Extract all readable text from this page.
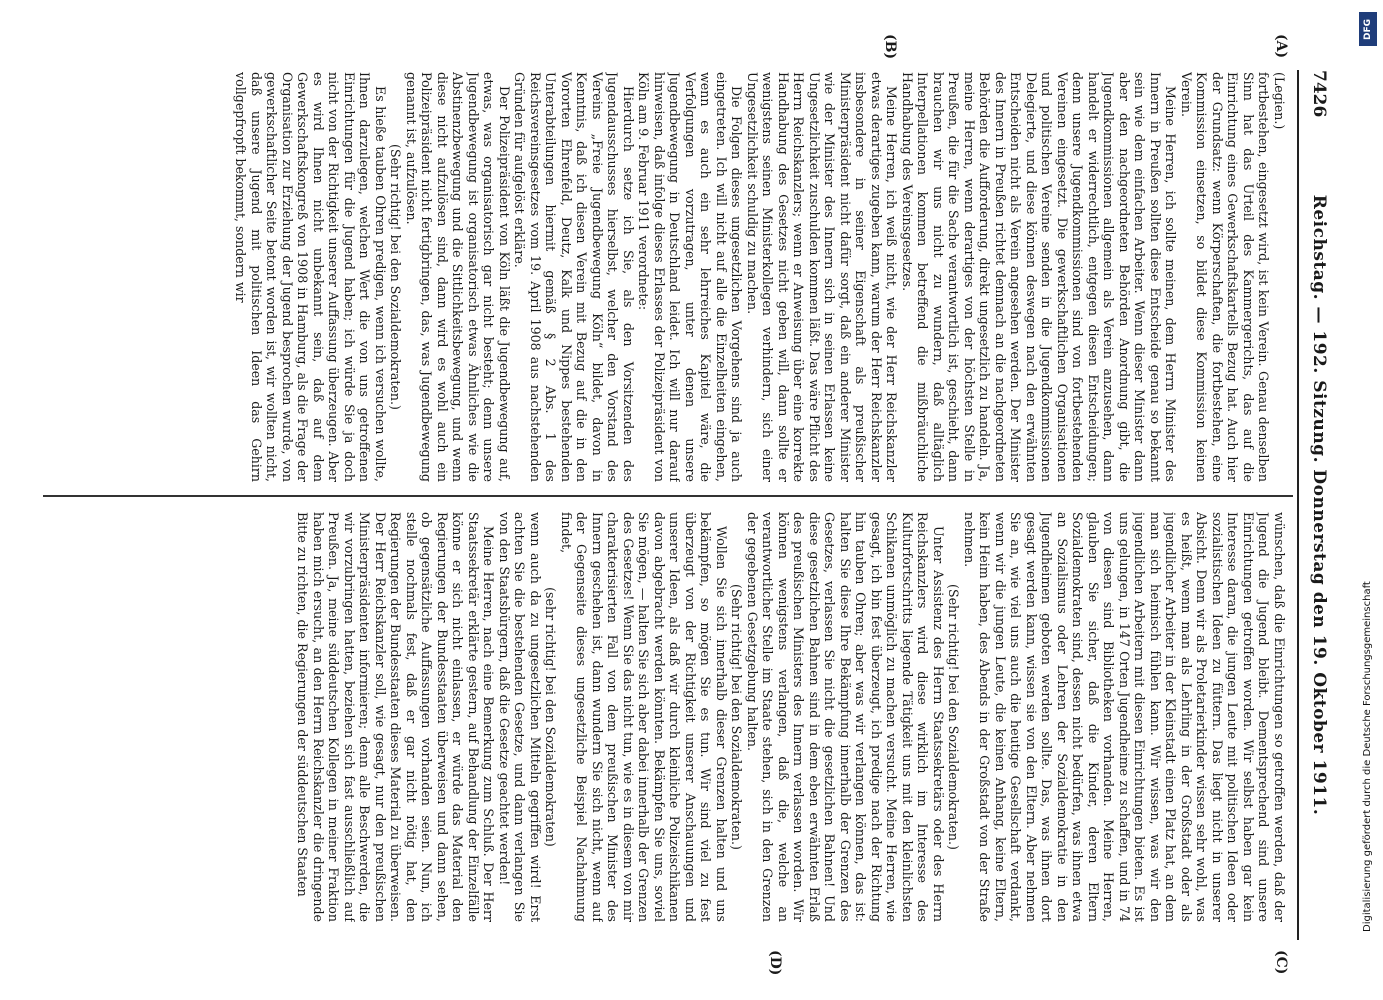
7426
Reichstag. — 192. Sitzung. Donnerstag den 19. Oktober 1911.
(A)
(B)
(C)
(D)

(Legien.)

fortbestehen, eingesetzt wird, ist kein Verein. Genau denselben Sinn hat das Urteil des Kammergerichts, das auf die Einrichtung eines Gewerkschaftskartells Bezug hat. Auch hier der Grundsatz: wenn Körperschaften, die fortbestehen, eine Kommission einsetzen, so bildet diese Kommission keinen Verein.

Meine Herren, ich sollte meinen, dem Herrn Minister des Innern in Preußen sollten diese Entscheide genau so bekannt sein wie dem einfachen Arbeiter. Wenn dieser Minister dann aber den nachgeordneten Behörden Anordnung gibt, die Jugendkommissionen allgemein als Verein anzusehen, dann handelt er widerrechtlich, entgegen diesen Entscheidungen; denn unsere Jugendkommissionen sind von fortbestehenden Vereinen eingesetzt. Die gewerkschaftlichen Organisationen und politischen Vereine senden in die Jugendkommissionen Delegierte, und diese können deswegen nach den erwähnten Entscheiden nicht als Verein angesehen werden. Der Minister des Innern in Preußen richtet demnach an die nachgeordneten Behörden die Aufforderung, direkt ungesetzlich zu handeln. Ja, meine Herren, wenn derartiges von der höchsten Stelle in Preußen, die für die Sache verantwortlich ist, geschieht, dann brauchen wir uns nicht zu wundern, daß alltäglich Interpellationen kommen betreffend die mißbräuchliche Handhabung des Vereinsgesetzes.

Meine Herren, ich weiß nicht, wie der Herr Reichskanzler etwas derartiges zugeben kann, warum der Herr Reichskanzler insbesondere in seiner Eigenschaft als preußischer Ministerpräsident nicht dafür sorgt, daß ein anderer Minister wie der Minister des Innern sich in seinen Erlassen keine Ungesetzlichkeit zuschulden kommen läßt. Das wäre Pflicht des Herrn Reichskanzlers; wenn er Anweisung über eine korrekte Handhabung des Gesetzes nicht geben will, dann sollte er wenigstens seinen Ministerkollegen verhindern, sich einer Ungesetzlichkeit schuldig zu machen.

Die Folgen dieses ungesetzlichen Vorgehens sind ja auch eingetreten. Ich will nicht auf alle die Einzelheiten eingehen, wenn es auch ein sehr lehrreiches Kapitel wäre, die Verfolgungen vorzutragen, unter denen unsere Jugendbewegung in Deutschland leidet. Ich will nur darauf hinweisen, daß infolge dieses Erlasses der Polizeipräsident von Köln am 9. Februar 1911 verordnete:

Hierdurch setze ich Sie, als den Vorsitzenden des Jugendausschusses hierselbst, welcher den Vorstand des Vereins „Freie Jugendbewegung Köln“ bildet, davon in Kenntnis, daß ich diesen Verein mit Bezug auf die in den Vororten Ehrenfeld, Deutz, Kalk und Nippes bestehenden Unterabteilungen hiermit gemäß § 2 Abs. 1 des Reichsvereinsgesetzes vom 19. April 1908 aus nachstehenden Gründen für aufgelöst erkläre.

Der Polizeipräsident von Köln läßt die Jugendbewegung auf, etwas, was organisatorisch gar nicht besteht; denn unsere Jugendbewegung ist organisatorisch etwas Ähnliches wie die Abstinenzbewegung und die Sittlichkeitsbewegung, und wenn diese nicht aufzulösen sind, dann wird es wohl auch ein Polizeipräsident nicht fertigbringen, das, was Jugendbewegung genannt ist, aufzulösen.

(Sehr richtig! bei den Sozialdemokraten.)

Es hieße tauben Ohren predigen, wenn ich versuchen wollte, Ihnen darzulegen, welchen Wert die von uns getroffenen Einrichtungen für die Jugend haben; ich würde Sie ja doch nicht von der Richtigkeit unserer Auffassung überzeugen. Aber es wird Ihnen nicht unbekannt sein, daß auf dem Gewerkschaftskongreß von 1908 in Hamburg, als die Frage der Organisation zur Erziehung der Jugend besprochen wurde, von gewerkschaftlicher Seite betont worden ist, wir wollten nicht, daß unsere Jugend mit politischen Ideen das Gehirn vollgepfropft bekommt, sondern wir

wünschen, daß die Einrichtungen so getroffen werden, daß der Jugend die Jugend bleibt. Dementsprechend sind unsere Einrichtungen getroffen worden. Wir selbst haben gar kein Interesse daran, die jungen Leute mit politischen Ideen oder sozialistischen Ideen zu füttern. Das liegt nicht in unserer Absicht. Denn wir als Proletarierkinder wissen sehr wohl, was es heißt, wenn man als Lehrling in der Großstadt oder als jugendlicher Arbeiter in der Kleinstadt einen Platz hat, an dem man sich heimisch fühlen kann. Wir wissen, was wir den jugendlichen Arbeitern mit diesen Einrichtungen bieten. Es ist uns gelungen, in 147 Orten Jugendheime zu schaffen, und in 74 von diesen sind Bibliotheken vorhanden. Meine Herren, glauben Sie sicher, daß die Kinder, deren Eltern Sozialdemokraten sind, dessen nicht bedürfen, was ihnen etwa an Sozialismus oder Lehren der Sozialdemokratie in den Jugendheimen geboten werden sollte. Das, was ihnen dort gesagt werden kann, wissen sie von den Eltern. Aber nehmen Sie an, wie viel uns auch die heutige Gesellschaft verdankt, wenn wir die jungen Leute, die keinen Anhang, keine Eltern, kein Heim haben, des Abends in der Großstadt von der Straße nehmen.

(Sehr richtig! bei den Sozialdemokraten.)

Unter Assistenz des Herrn Staatssekretärs oder des Herrn Reichskanzlers wird diese wirklich im Interesse des Kulturfortschritts liegende Tätigkeit uns mit den kleinlichsten Schikanen unmöglich zu machen versucht. Meine Herren, wie gesagt, ich bin fest überzeugt, ich predige nach der Richtung hin tauben Ohren; aber was wir verlangen können, das ist: halten Sie diese Ihre Bekämpfung innerhalb der Grenzen des Gesetzes, verlassen Sie nicht die gesetzlichen Bahnen! Und diese gesetzlichen Bahnen sind in dem eben erwähnten Erlaß des preußischen Ministers des Innern verlassen worden. Wir können wenigstens verlangen, daß die, welche an verantwortlicher Stelle im Staate stehen, sich in den Grenzen der gegebenen Gesetzgebung halten.

(Sehr richtig! bei den Sozialdemokraten.)

Wollen Sie sich innerhalb dieser Grenzen halten und uns bekämpfen, so mögen Sie es tun. Wir sind viel zu fest überzeugt von der Richtigkeit unserer Anschauungen und unserer Ideen, als daß wir durch kleinliche Polizeischikanen davon abgebracht werden könnten. Bekämpfen Sie uns, soviel Sie mögen, — halten Sie sich aber dabei innerhalb der Grenzen des Gesetzes! Wenn Sie das nicht tun, wie es in diesem von mir charakterisierten Fall von dem preußischen Minister des Innern geschehen ist, dann wundern Sie sich nicht, wenn auf der Gegenseite dieses ungesetzliche Beispiel Nachahmung findet,

(sehr richtig! bei den Sozialdemokraten)

wenn auch da zu ungesetzlichen Mitteln gegriffen wird! Erst achten Sie die bestehenden Gesetze, und dann verlangen Sie von den Staatsbürgern, daß die Gesetze geachtet werden!

Meine Herren, nach eine Bemerkung zum Schluß. Der Herr Staatssekretär erklärte gestern, auf Behandlung der Einzelfälle könne er sich nicht einlassen, er würde das Material den Regierungen der Bundesstaaten überweisen und dann sehen, ob gegensätzliche Auffassungen vorhanden seien. Nun, ich stelle nochmals fest, daß er gar nicht nötig hat, den Regierungen der Bundesstaaten dieses Material zu überweisen. Der Herr Reichskanzler soll, wie gesagt, nur den preußischen Ministerpräsidenten informieren; denn alle Beschwerden, die wir vorzubringen hatten, beziehen sich fast ausschließlich auf Preußen. Ja, meine süddeutschen Kollegen in meiner Fraktion haben mich ersucht, an den Herrn Reichskanzler die dringende Bitte zu richten, die Regierungen der süddeutschen Staaten

DFG
Digitalisierung gefördert durch die Deutsche Forschungsgemeinschaft
